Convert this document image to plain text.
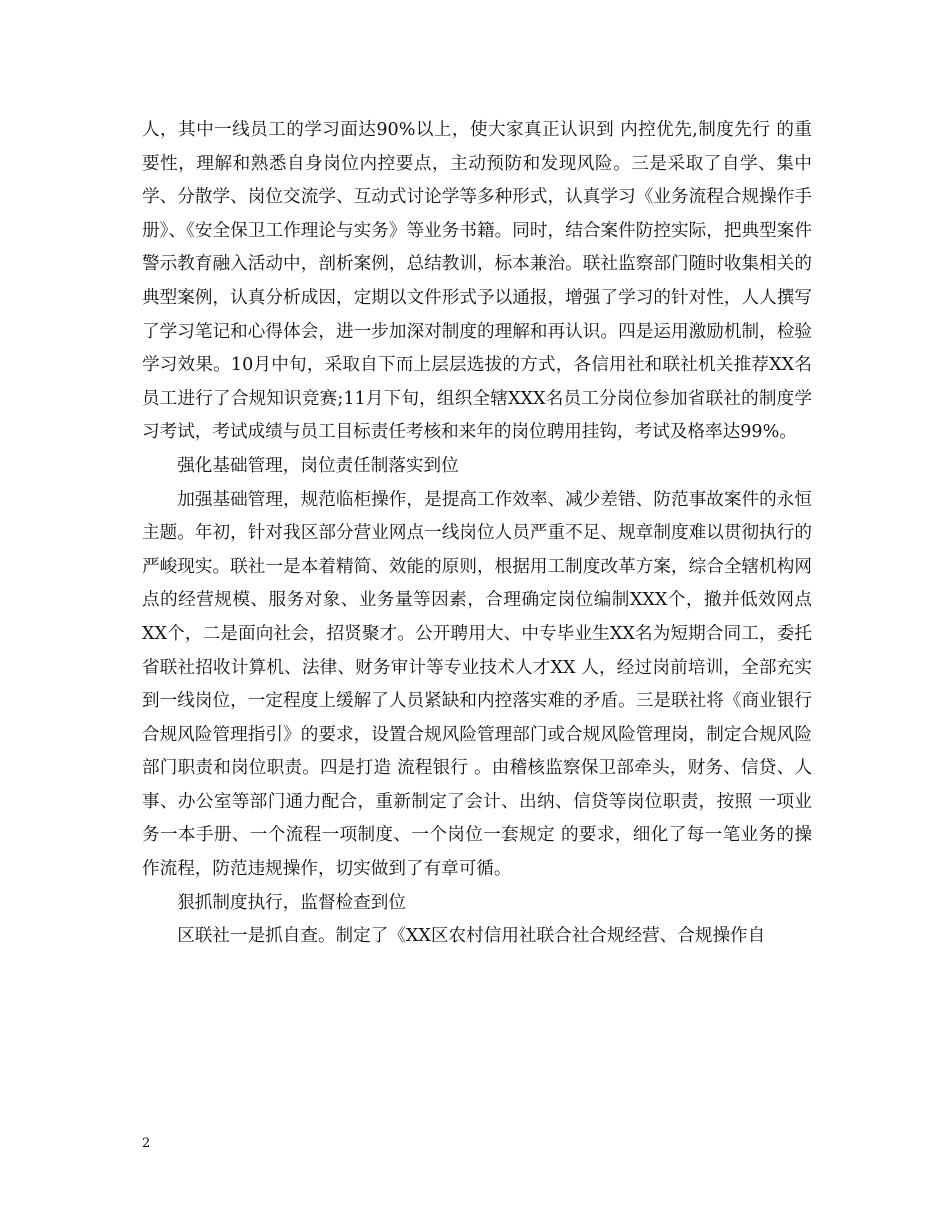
人，其中一线员工的学习面达90%以上，使大家真正认识到 内控优先,制度先行 的重要性，理解和熟悉自身岗位内控要点，主动预防和发现风险。三是采取了自学、集中学、分散学、岗位交流学、互动式讨论学等多种形式，认真学习《业务流程合规操作手册》、《安全保卫工作理论与实务》等业务书籍。同时，结合案件防控实际，把典型案件警示教育融入活动中，剖析案例，总结教训，标本兼治。联社监察部门随时收集相关的典型案例，认真分析成因，定期以文件形式予以通报，增强了学习的针对性，人人撰写了学习笔记和心得体会，进一步加深对制度的理解和再认识。四是运用激励机制，检验学习效果。10月中旬，采取自下而上层层选拔的方式，各信用社和联社机关推荐XX名员工进行了合规知识竞赛;11月下旬，组织全辖XXX名员工分岗位参加省联社的制度学习考试，考试成绩与员工目标责任考核和来年的岗位聘用挂钩，考试及格率达99%。

强化基础管理，岗位责任制落实到位

加强基础管理，规范临柜操作，是提高工作效率、减少差错、防范事故案件的永恒主题。年初，针对我区部分营业网点一线岗位人员严重不足、规章制度难以贯彻执行的严峻现实。联社一是本着精简、效能的原则，根据用工制度改革方案，综合全辖机构网点的经营规模、服务对象、业务量等因素，合理确定岗位编制XXX个，撤并低效网点XX个，二是面向社会，招贤聚才。公开聘用大、中专毕业生XX名为短期合同工，委托省联社招收计算机、法律、财务审计等专业技术人才XX 人，经过岗前培训，全部充实到一线岗位，一定程度上缓解了人员紧缺和内控落实难的矛盾。三是联社将《商业银行合规风险管理指引》的要求，设置合规风险管理部门或合规风险管理岗，制定合规风险部门职责和岗位职责。四是打造 流程银行 。由稽核监察保卫部牵头，财务、信贷、人事、办公室等部门通力配合，重新制定了会计、出纳、信贷等岗位职责，按照 一项业务一本手册、一个流程一项制度、一个岗位一套规定 的要求，细化了每一笔业务的操作流程，防范违规操作，切实做到了有章可循。

狠抓制度执行，监督检查到位

区联社一是抓自查。制定了《XX区农村信用社联合社合规经营、合规操作自

2
